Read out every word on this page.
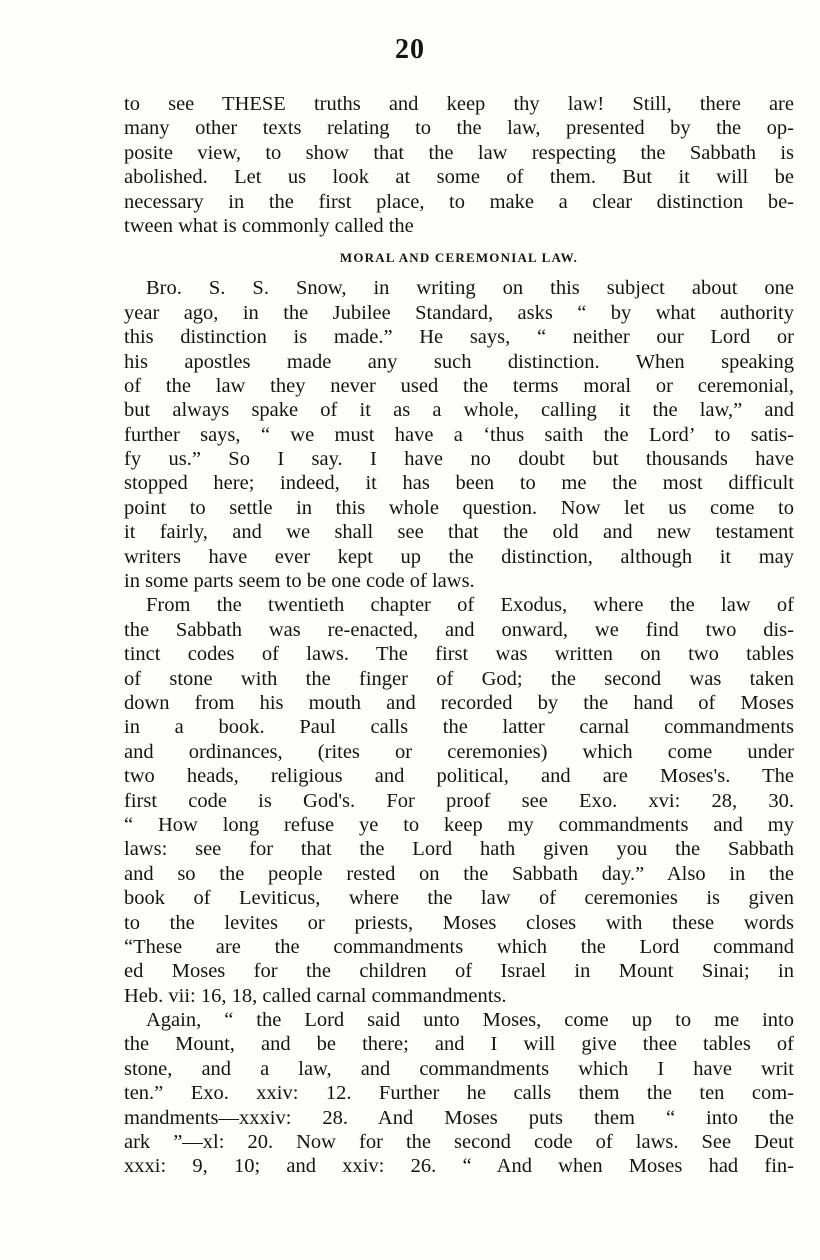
20
to see THESE truths and keep thy law! Still, there are
many other texts relating to the law, presented by the op-
posite view, to show that the law respecting the Sabbath is
abolished. Let us look at some of them. But it will be
necessary in the first place, to make a clear distinction be-
tween what is commonly called the
MORAL AND CEREMONIAL LAW.
Bro. S. S. Snow, in writing on this subject about one
year ago, in the Jubilee Standard, asks “ by what authority
this distinction is made.” He says, “ neither our Lord or
his apostles made any such distinction. When speaking
of the law they never used the terms moral or ceremonial,
but always spake of it as a whole, calling it the law,” and
further says, “ we must have a ‘thus saith the Lord’ to satis-
fy us.” So I say. I have no doubt but thousands have
stopped here; indeed, it has been to me the most difficult
point to settle in this whole question. Now let us come to
it fairly, and we shall see that the old and new testament
writers have ever kept up the distinction, although it may
in some parts seem to be one code of laws.
From the twentieth chapter of Exodus, where the law of
the Sabbath was re-enacted, and onward, we find two dis-
tinct codes of laws. The first was written on two tables
of stone with the finger of God; the second was taken
down from his mouth and recorded by the hand of Moses
in a book. Paul calls the latter carnal commandments
and ordinances, (rites or ceremonies) which come under
two heads, religious and political, and are Moses's. The
first code is God's. For proof see Exo. xvi: 28, 30.
“ How long refuse ye to keep my commandments and my
laws: see for that the Lord hath given you the Sabbath
and so the people rested on the Sabbath day.” Also in the
book of Leviticus, where the law of ceremonies is given
to the levites or priests, Moses closes with these words
“These are the commandments which the Lord command
ed Moses for the children of Israel in Mount Sinai; in
Heb. vii: 16, 18, called carnal commandments.
Again, “ the Lord said unto Moses, come up to me into
the Mount, and be there; and I will give thee tables of
stone, and a law, and commandments which I have writ
ten.” Exo. xxiv: 12. Further he calls them the ten com-
mandments—xxxiv: 28. And Moses puts them “ into the
ark ”—xl: 20. Now for the second code of laws. See Deut
xxxi: 9, 10; and xxiv: 26. “ And when Moses had fin-
